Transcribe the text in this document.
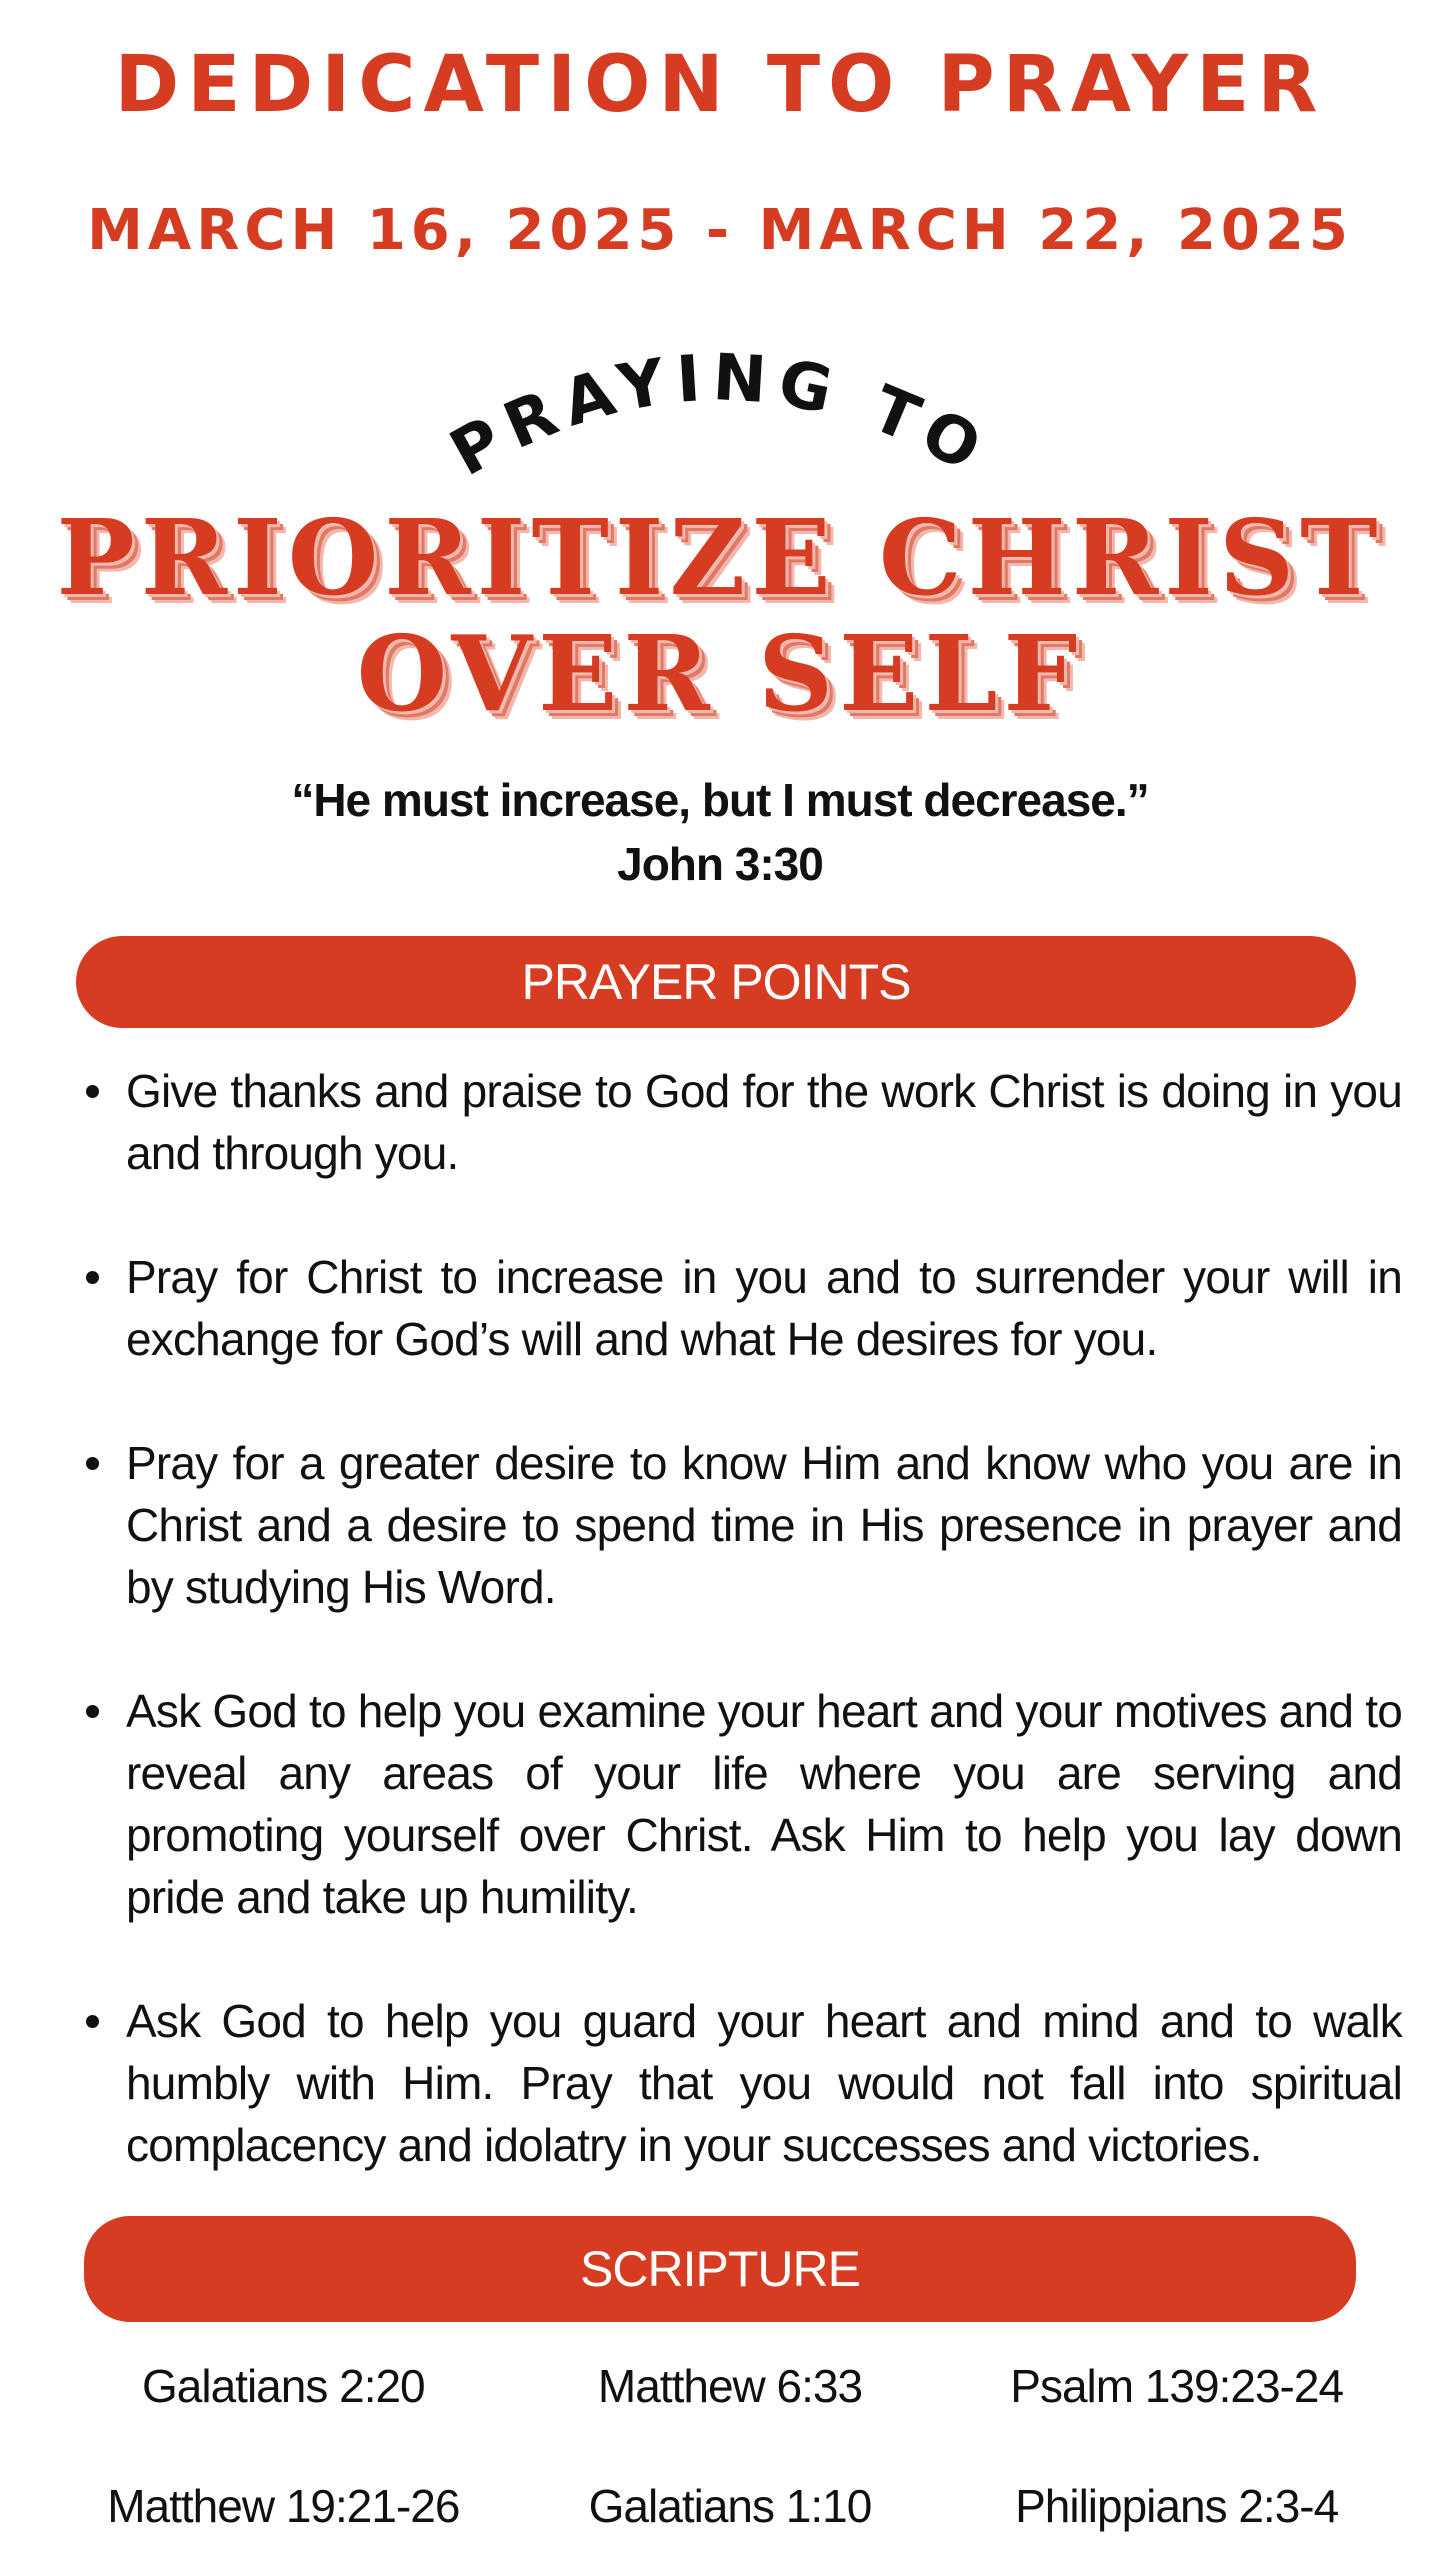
DEDICATION TO PRAYER
MARCH 16, 2025 - MARCH 22, 2025
PRAYING TO
PRIORITIZE CHRIST
OVER SELF
“He must increase, but I must decrease.”
John 3:30
PRAYER POINTS
Give thanks and praise to God for the work Christ is doing in you and through you.
Pray for Christ to increase in you and to surrender your will in exchange for God’s will and what He desires for you.
Pray for a greater desire to know Him and know who you are in Christ and a desire to spend time in His presence in prayer and by studying His Word.
Ask God to help you examine your heart and your motives and to reveal any areas of your life where you are serving and promoting yourself over Christ. Ask Him to help you lay down pride and take up humility.
Ask God to help you guard your heart and mind and to walk humbly with Him. Pray that you would not fall into spiritual complacency and idolatry in your successes and victories.
SCRIPTURE
Galatians 2:20	Matthew 6:33	Psalm 139:23-24
Matthew 19:21-26	Galatians 1:10	Philippians 2:3-4
